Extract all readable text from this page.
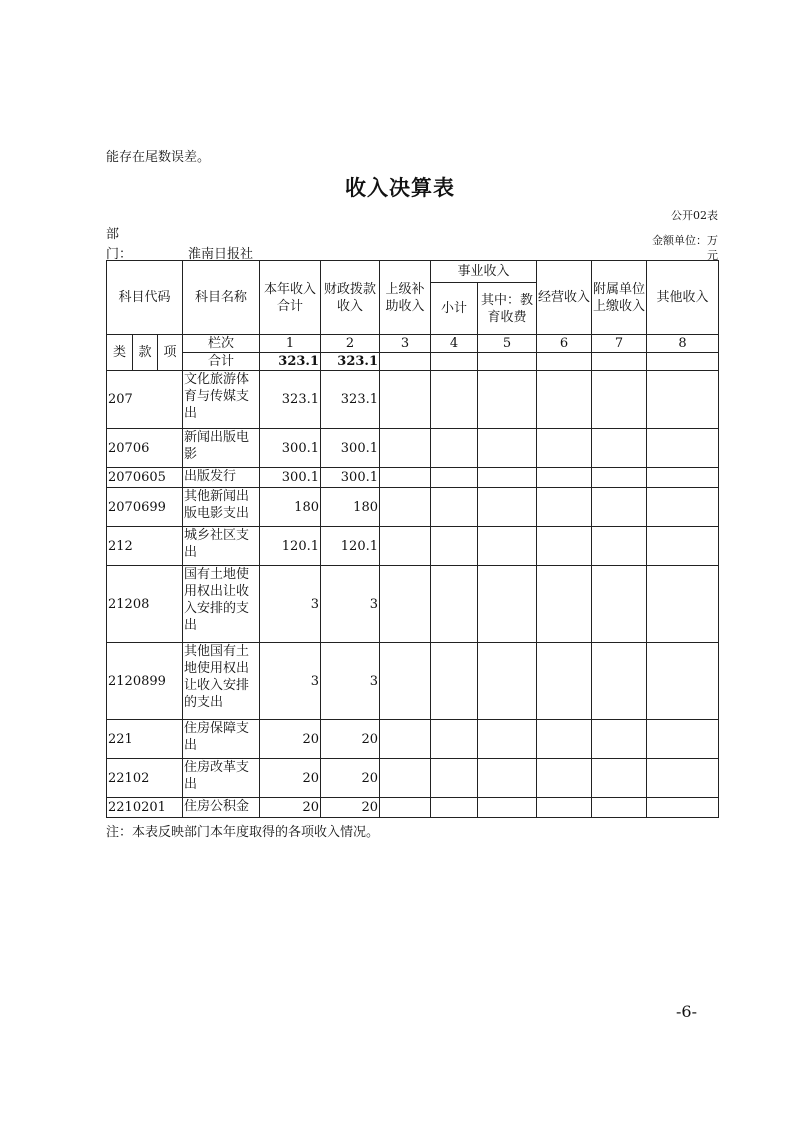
能存在尾数误差。
收入决算表
公开02表
部
门：	淮南日报社
金额单位：万
元
科目代码			科目名称	本年收入合计	财政拨款收入	上级补助收入	事业收入		经营收入	附属单位上缴收入	其他收入
							小计	其中：教育收费			

类	款	项	栏次	1	2	3	4	5	6	7	8
			合计	323.1	323.1						
207			文化旅游体育与传媒支出	323.1	323.1						
20706			新闻出版电影	300.1	300.1						
2070605			出版发行	300.1	300.1						
2070699			其他新闻出版电影支出	180	180						
212			城乡社区支出	120.1	120.1						
21208			国有土地使用权出让收入安排的支出	3	3						
2120899			其他国有土地使用权出让收入安排的支出	3	3						
221			住房保障支出	20	20						
22102			住房改革支出	20	20						
2210201			住房公积金	20	20						
注：本表反映部门本年度取得的各项收入情况。
-6-
